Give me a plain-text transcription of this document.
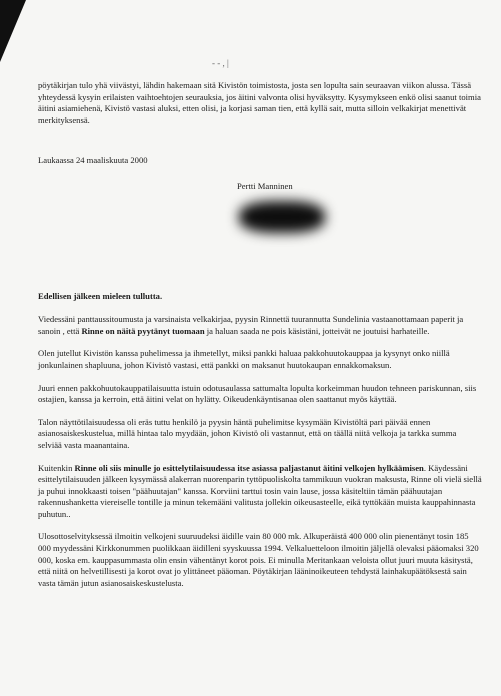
- - , |

pöytäkirjan tulo yhä viivästyi, lähdin hakemaan sitä Kivistön toimistosta, josta sen lopulta sain seuraavan viikon alussa. Tässä yhteydessä kysyin erilaisten vaihtoehtojen seurauksia, jos äitini valvonta olisi hyväksytty. Kysymykseen enkö olisi saanut toimia äitini asiamiehenä, Kivistö vastasi aluksi, etten olisi, ja korjasi saman tien, että kyllä sait, mutta silloin velkakirjat menettivät merkityksensä.

Laukaassa 24 maaliskuuta 2000

Pertti Manninen
Edellisen jälkeen mieleen tullutta.

Viedessäni panttaussitoumusta ja varsinaista velkakirjaa, pyysin Rinnettä tuurannutta Sundelinia vastaanottamaan paperit ja sanoin , että Rinne on näitä pyytänyt tuomaan ja haluan saada ne pois käsistäni, jotteivät ne joutuisi harhateille.

Olen jutellut Kivistön kanssa puhelimessa ja ihmetellyt, miksi pankki haluaa pakkohuutokauppaa ja kysynyt onko niillä jonkunlainen shapluuna, johon Kivistö vastasi, että pankki on maksanut huutokaupan ennakkomaksun.

Juuri ennen pakkohuutokauppatilaisuutta istuin odotusaulassa sattumalta lopulta korkeimman huudon tehneen pariskunnan, siis ostajien, kanssa ja kerroin, että äitini velat on hylätty. Oikeudenkäyntisanaa olen saattanut myös käyttää.

Talon näyttötilaisuudessa oli eräs tuttu henkilö ja pyysin häntä puhelimitse kysymään Kivistöltä pari päivää ennen asianosaiskeskustelua, millä hintaa talo myydään, johon Kivistö oli vastannut, että on täällä niitä velkoja ja tarkka summa selviää vasta maanantaina.

Kuitenkin Rinne oli siis minulle jo esittelytilaisuudessa itse asiassa paljastanut äitini velkojen hylkäämisen. Käydessäni esittelytilaisuuden jälkeen kysymässä alakerran nuorenparin tyttöpuoliskolta tammikuun vuokran maksusta, Rinne oli vielä siellä ja puhui innokkaasti toisen "päähuutajan" kanssa. Korviini tarttui tosin vain lause, jossa käsiteltiin tämän päähuutajan rakennushanketta viereiselle tontille ja minun tekemääni valitusta jollekin oikeusasteelle, eikä tyttökään muista kauppahinnasta puhutun..

Ulosottoselvityksessä ilmoitin velkojeni suuruudeksi äidille vain 80 000 mk. Alkuperäistä 400 000 olin pienentänyt tosin 185 000 myydessäni Kirkkonummen puolikkaan äidilleni syyskuussa 1994. Velkaluetteloon ilmoitin jäljellä olevaksi pääomaksi 320 000, koska em. kauppasummasta olin ensin vähentänyt korot pois. Ei minulla Meritankaan veloista ollut juuri muuta käsitystä, että niitä on helvetillisesti ja korot ovat jo ylittäneet pääoman. Pöytäkirjan lääninoikeuteen tehdystä lainhakupäätöksestä sain vasta tämän jutun asianosaiskeskustelusta.
